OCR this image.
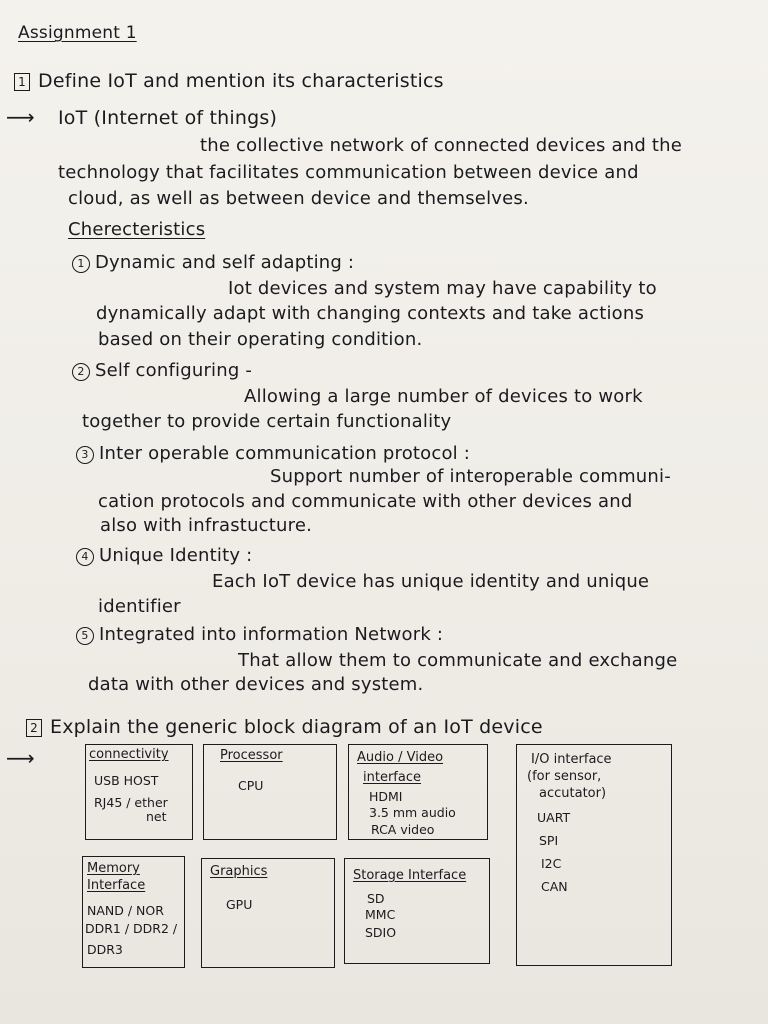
Assignment 1
1 Define IoT and mention its characteristics
⟶ IoT (Internet of things)
the collective network of connected devices and the
technology that facilitates communication between device and
cloud, as well as between device and themselves.
Cherecteristics
1 Dynamic and self adapting :
Iot devices and system may have capability to
dynamically adapt with changing contexts and take actions
based on their operating condition.
2 Self configuring -
Allowing a large number of devices to work
together to provide certain functionality
3 Inter operable communication protocol :
Support number of interoperable communi-
cation protocols and communicate with other devices and
also with infrastucture.
4 Unique Identity :
Each IoT device has unique identity and unique
identifier
5 Integrated into information Network :
That allow them to communicate and exchange
data with other devices and system.
2 Explain the generic block diagram of an IoT device
⟶	connectivity
USB HOST
RJ45 / ether
net
Processor
CPU
Audio / Video
interface
HDMI
3.5 mm audio
RCA video
I/O interface
(for sensor,
accutator)
UART
SPI
I2C
CAN
Memory
Interface
NAND / NOR
DDR1 / DDR2 /
DDR3
Graphics
GPU
Storage Interface
SD
MMC
SDIO
